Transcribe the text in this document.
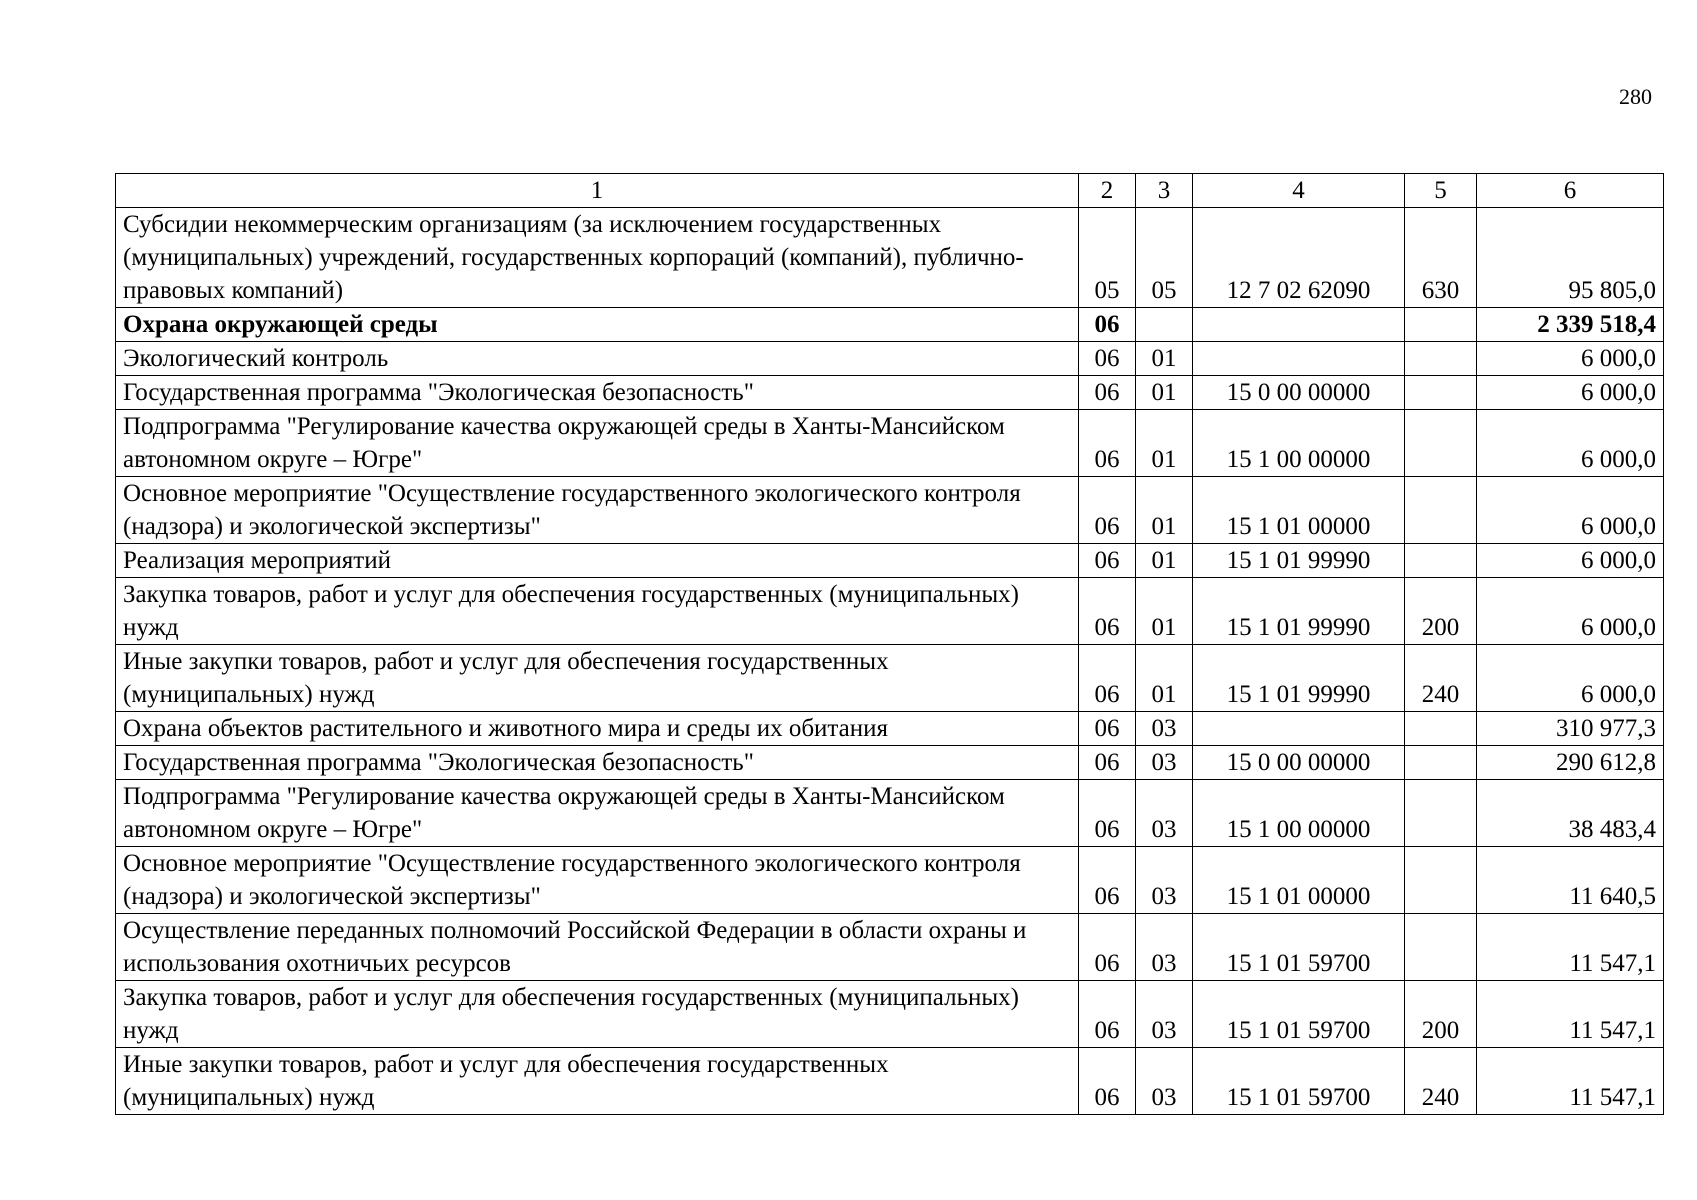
280
1	2	3	4	5	6
Субсидии некоммерческим организациям (за исключением государственных (муниципальных) учреждений, государственных корпораций (компаний), публично-правовых компаний)	05	05	12 7 02 62090	630	95 805,0
Охрана окружающей среды	06				2 339 518,4
Экологический контроль	06	01			6 000,0
Государственная программа "Экологическая безопасность"	06	01	15 0 00 00000		6 000,0
Подпрограмма "Регулирование качества окружающей среды в Ханты-Мансийском автономном округе – Югре"	06	01	15 1 00 00000		6 000,0
Основное мероприятие "Осуществление государственного экологического контроля (надзора) и экологической экспертизы"	06	01	15 1 01 00000		6 000,0
Реализация мероприятий	06	01	15 1 01 99990		6 000,0
Закупка товаров, работ и услуг для обеспечения государственных (муниципальных) нужд	06	01	15 1 01 99990	200	6 000,0
Иные закупки товаров, работ и услуг для обеспечения государственных (муниципальных) нужд	06	01	15 1 01 99990	240	6 000,0
Охрана объектов растительного и животного мира и среды их обитания	06	03			310 977,3
Государственная программа "Экологическая безопасность"	06	03	15 0 00 00000		290 612,8
Подпрограмма "Регулирование качества окружающей среды в Ханты-Мансийском автономном округе – Югре"	06	03	15 1 00 00000		38 483,4
Основное мероприятие "Осуществление государственного экологического контроля (надзора) и экологической экспертизы"	06	03	15 1 01 00000		11 640,5
Осуществление переданных полномочий Российской Федерации в области охраны и использования охотничьих ресурсов	06	03	15 1 01 59700		11 547,1
Закупка товаров, работ и услуг для обеспечения государственных (муниципальных) нужд	06	03	15 1 01 59700	200	11 547,1
Иные закупки товаров, работ и услуг для обеспечения государственных (муниципальных) нужд	06	03	15 1 01 59700	240	11 547,1
